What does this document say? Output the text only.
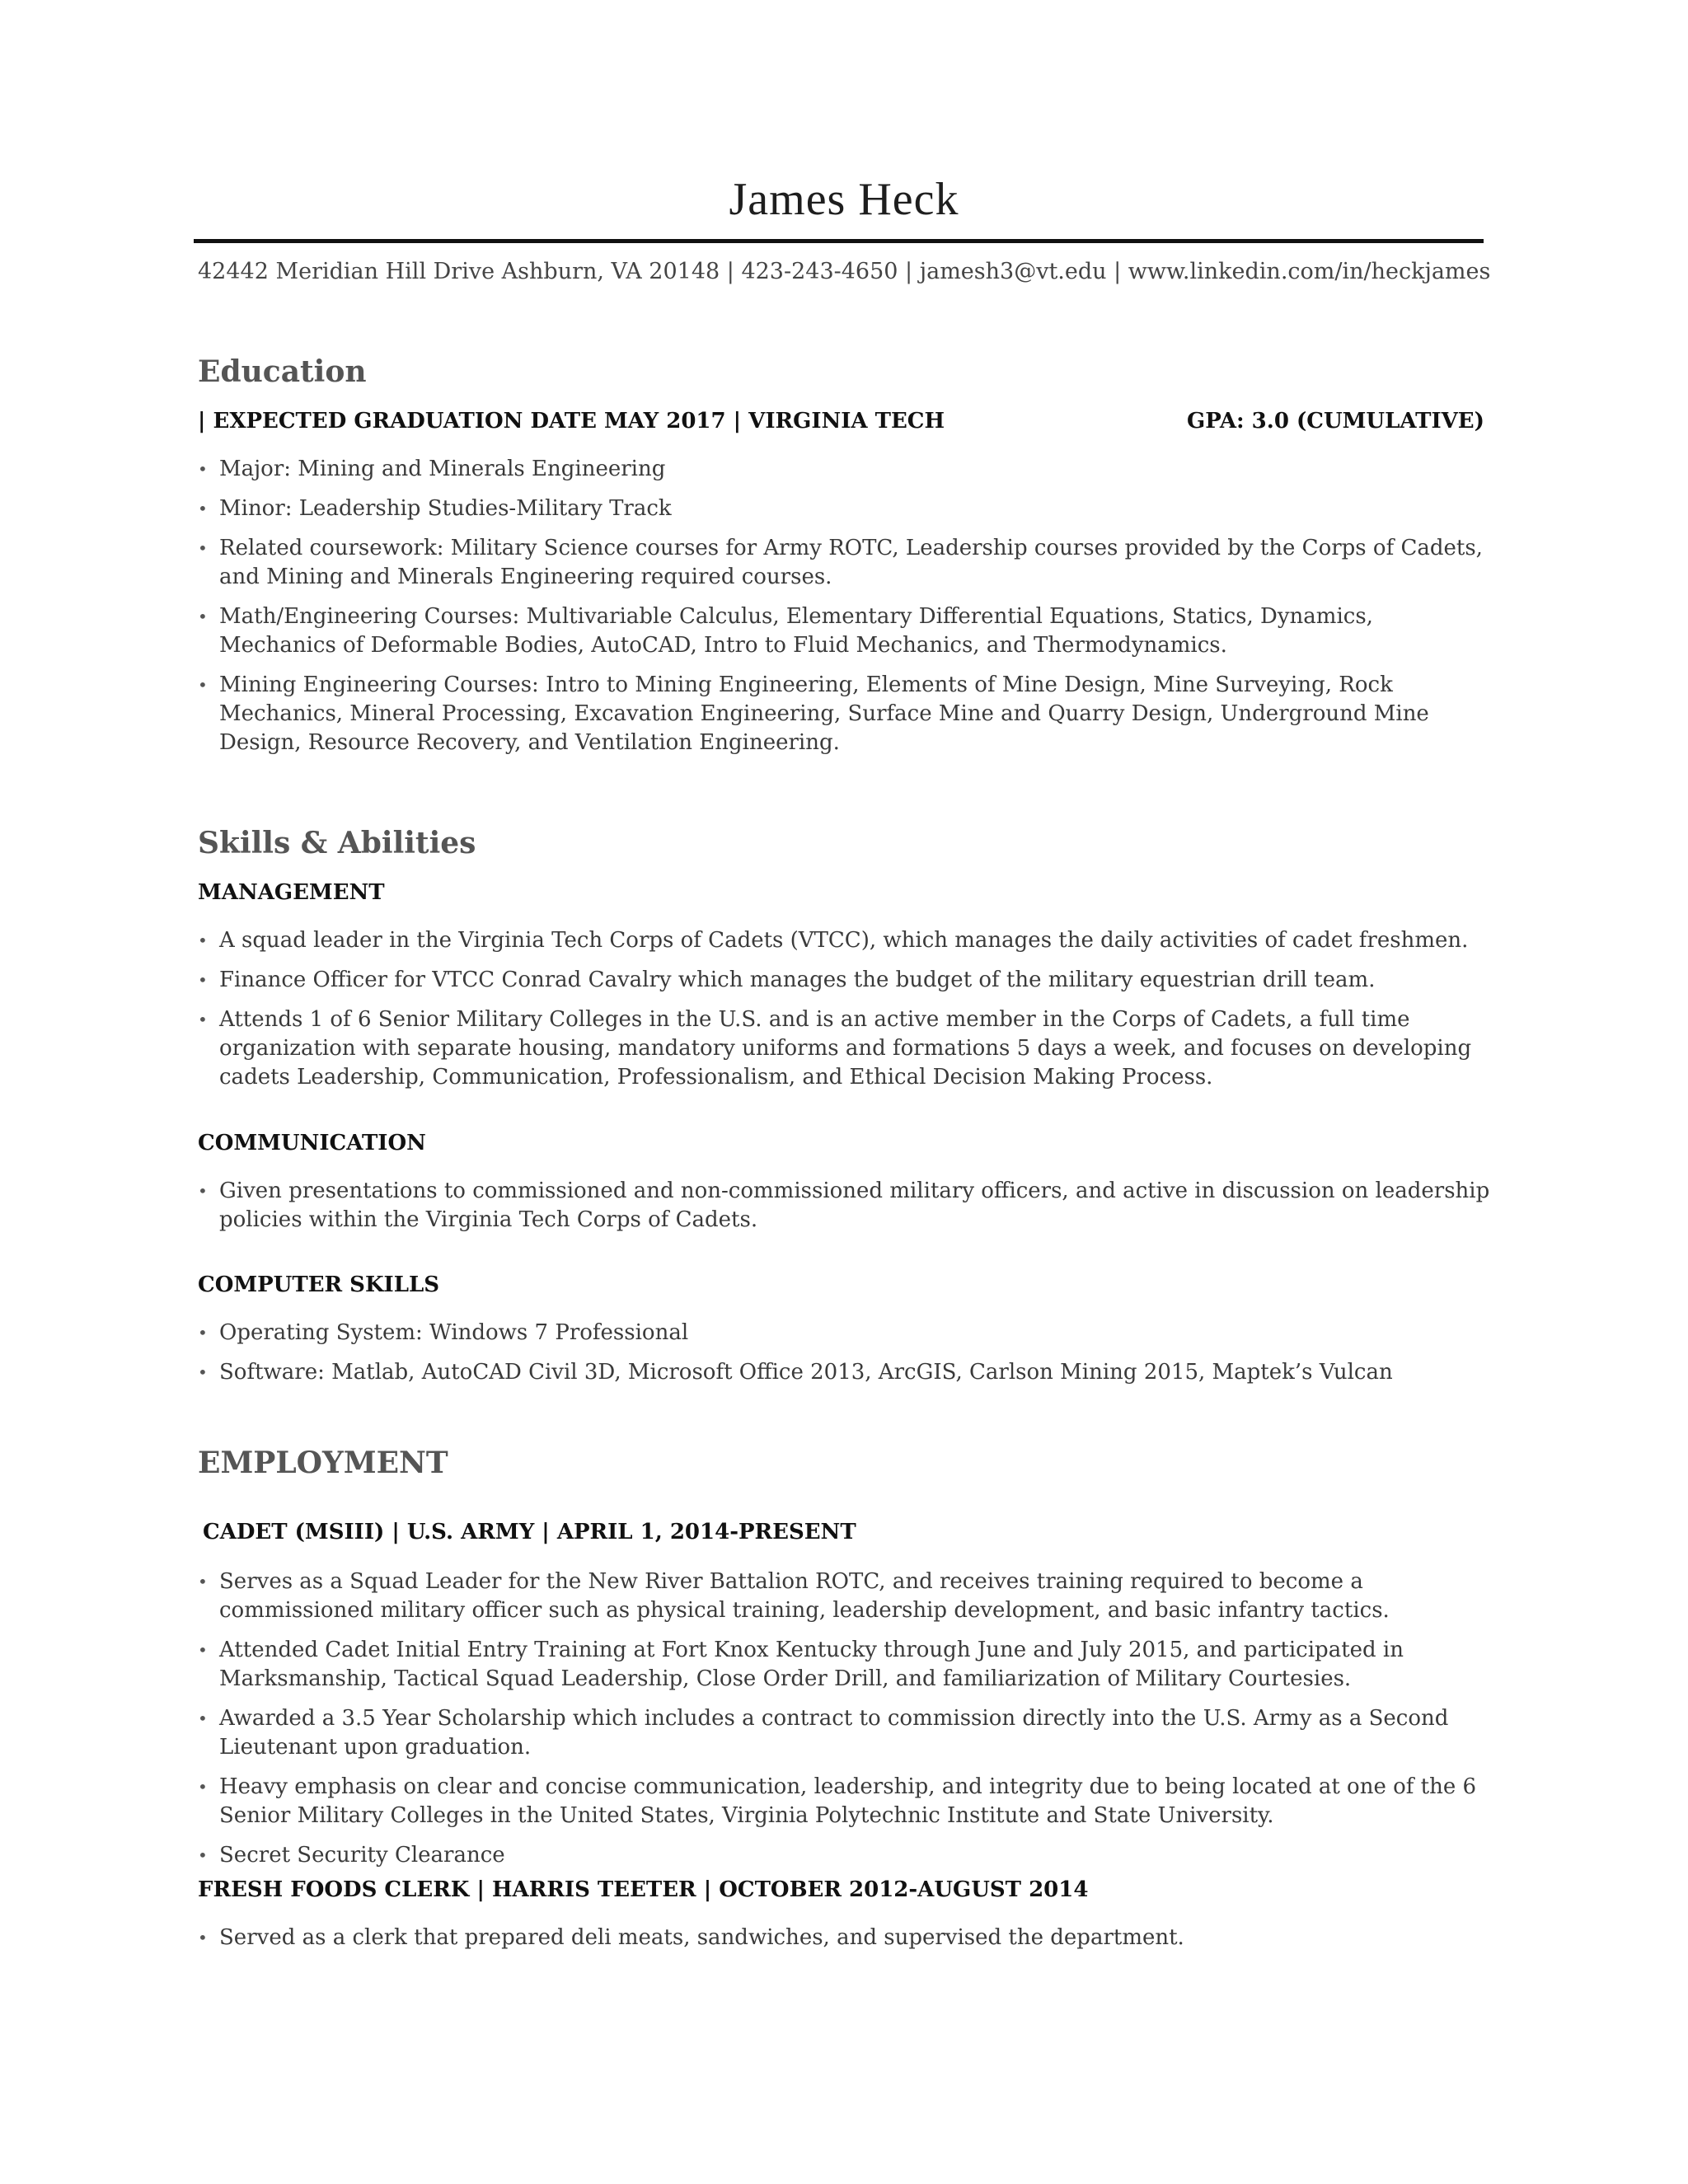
James Heck
42442 Meridian Hill Drive Ashburn, VA 20148 | 423-243-4650 | jamesh3@vt.edu | www.linkedin.com/in/heckjames
Education
| EXPECTED GRADUATION DATE MAY 2017 | VIRGINIA TECH	GPA: 3.0 (CUMULATIVE)
• Major: Mining and Minerals Engineering
• Minor: Leadership Studies-Military Track
• Related coursework: Military Science courses for Army ROTC, Leadership courses provided by the Corps of Cadets, and Mining and Minerals Engineering required courses.
• Math/Engineering Courses: Multivariable Calculus, Elementary Differential Equations, Statics, Dynamics, Mechanics of Deformable Bodies, AutoCAD, Intro to Fluid Mechanics, and Thermodynamics.
• Mining Engineering Courses: Intro to Mining Engineering, Elements of Mine Design, Mine Surveying, Rock Mechanics, Mineral Processing, Excavation Engineering, Surface Mine and Quarry Design, Underground Mine Design, Resource Recovery, and Ventilation Engineering.
Skills & Abilities
MANAGEMENT
• A squad leader in the Virginia Tech Corps of Cadets (VTCC), which manages the daily activities of cadet freshmen.
• Finance Officer for VTCC Conrad Cavalry which manages the budget of the military equestrian drill team.
• Attends 1 of 6 Senior Military Colleges in the U.S. and is an active member in the Corps of Cadets, a full time organization with separate housing, mandatory uniforms and formations 5 days a week, and focuses on developing cadets Leadership, Communication, Professionalism, and Ethical Decision Making Process.
COMMUNICATION
• Given presentations to commissioned and non-commissioned military officers, and active in discussion on leadership policies within the Virginia Tech Corps of Cadets.
COMPUTER SKILLS
• Operating System: Windows 7 Professional
• Software: Matlab, AutoCAD Civil 3D, Microsoft Office 2013, ArcGIS, Carlson Mining 2015, Maptek’s Vulcan
EMPLOYMENT
CADET (MSIII) | U.S. ARMY | APRIL 1, 2014-PRESENT
• Serves as a Squad Leader for the New River Battalion ROTC, and receives training required to become a commissioned military officer such as physical training, leadership development, and basic infantry tactics.
• Attended Cadet Initial Entry Training at Fort Knox Kentucky through June and July 2015, and participated in Marksmanship, Tactical Squad Leadership, Close Order Drill, and familiarization of Military Courtesies.
• Awarded a 3.5 Year Scholarship which includes a contract to commission directly into the U.S. Army as a Second Lieutenant upon graduation.
• Heavy emphasis on clear and concise communication, leadership, and integrity due to being located at one of the 6 Senior Military Colleges in the United States, Virginia Polytechnic Institute and State University.
• Secret Security Clearance
FRESH FOODS CLERK | HARRIS TEETER | OCTOBER 2012-AUGUST 2014
• Served as a clerk that prepared deli meats, sandwiches, and supervised the department.
